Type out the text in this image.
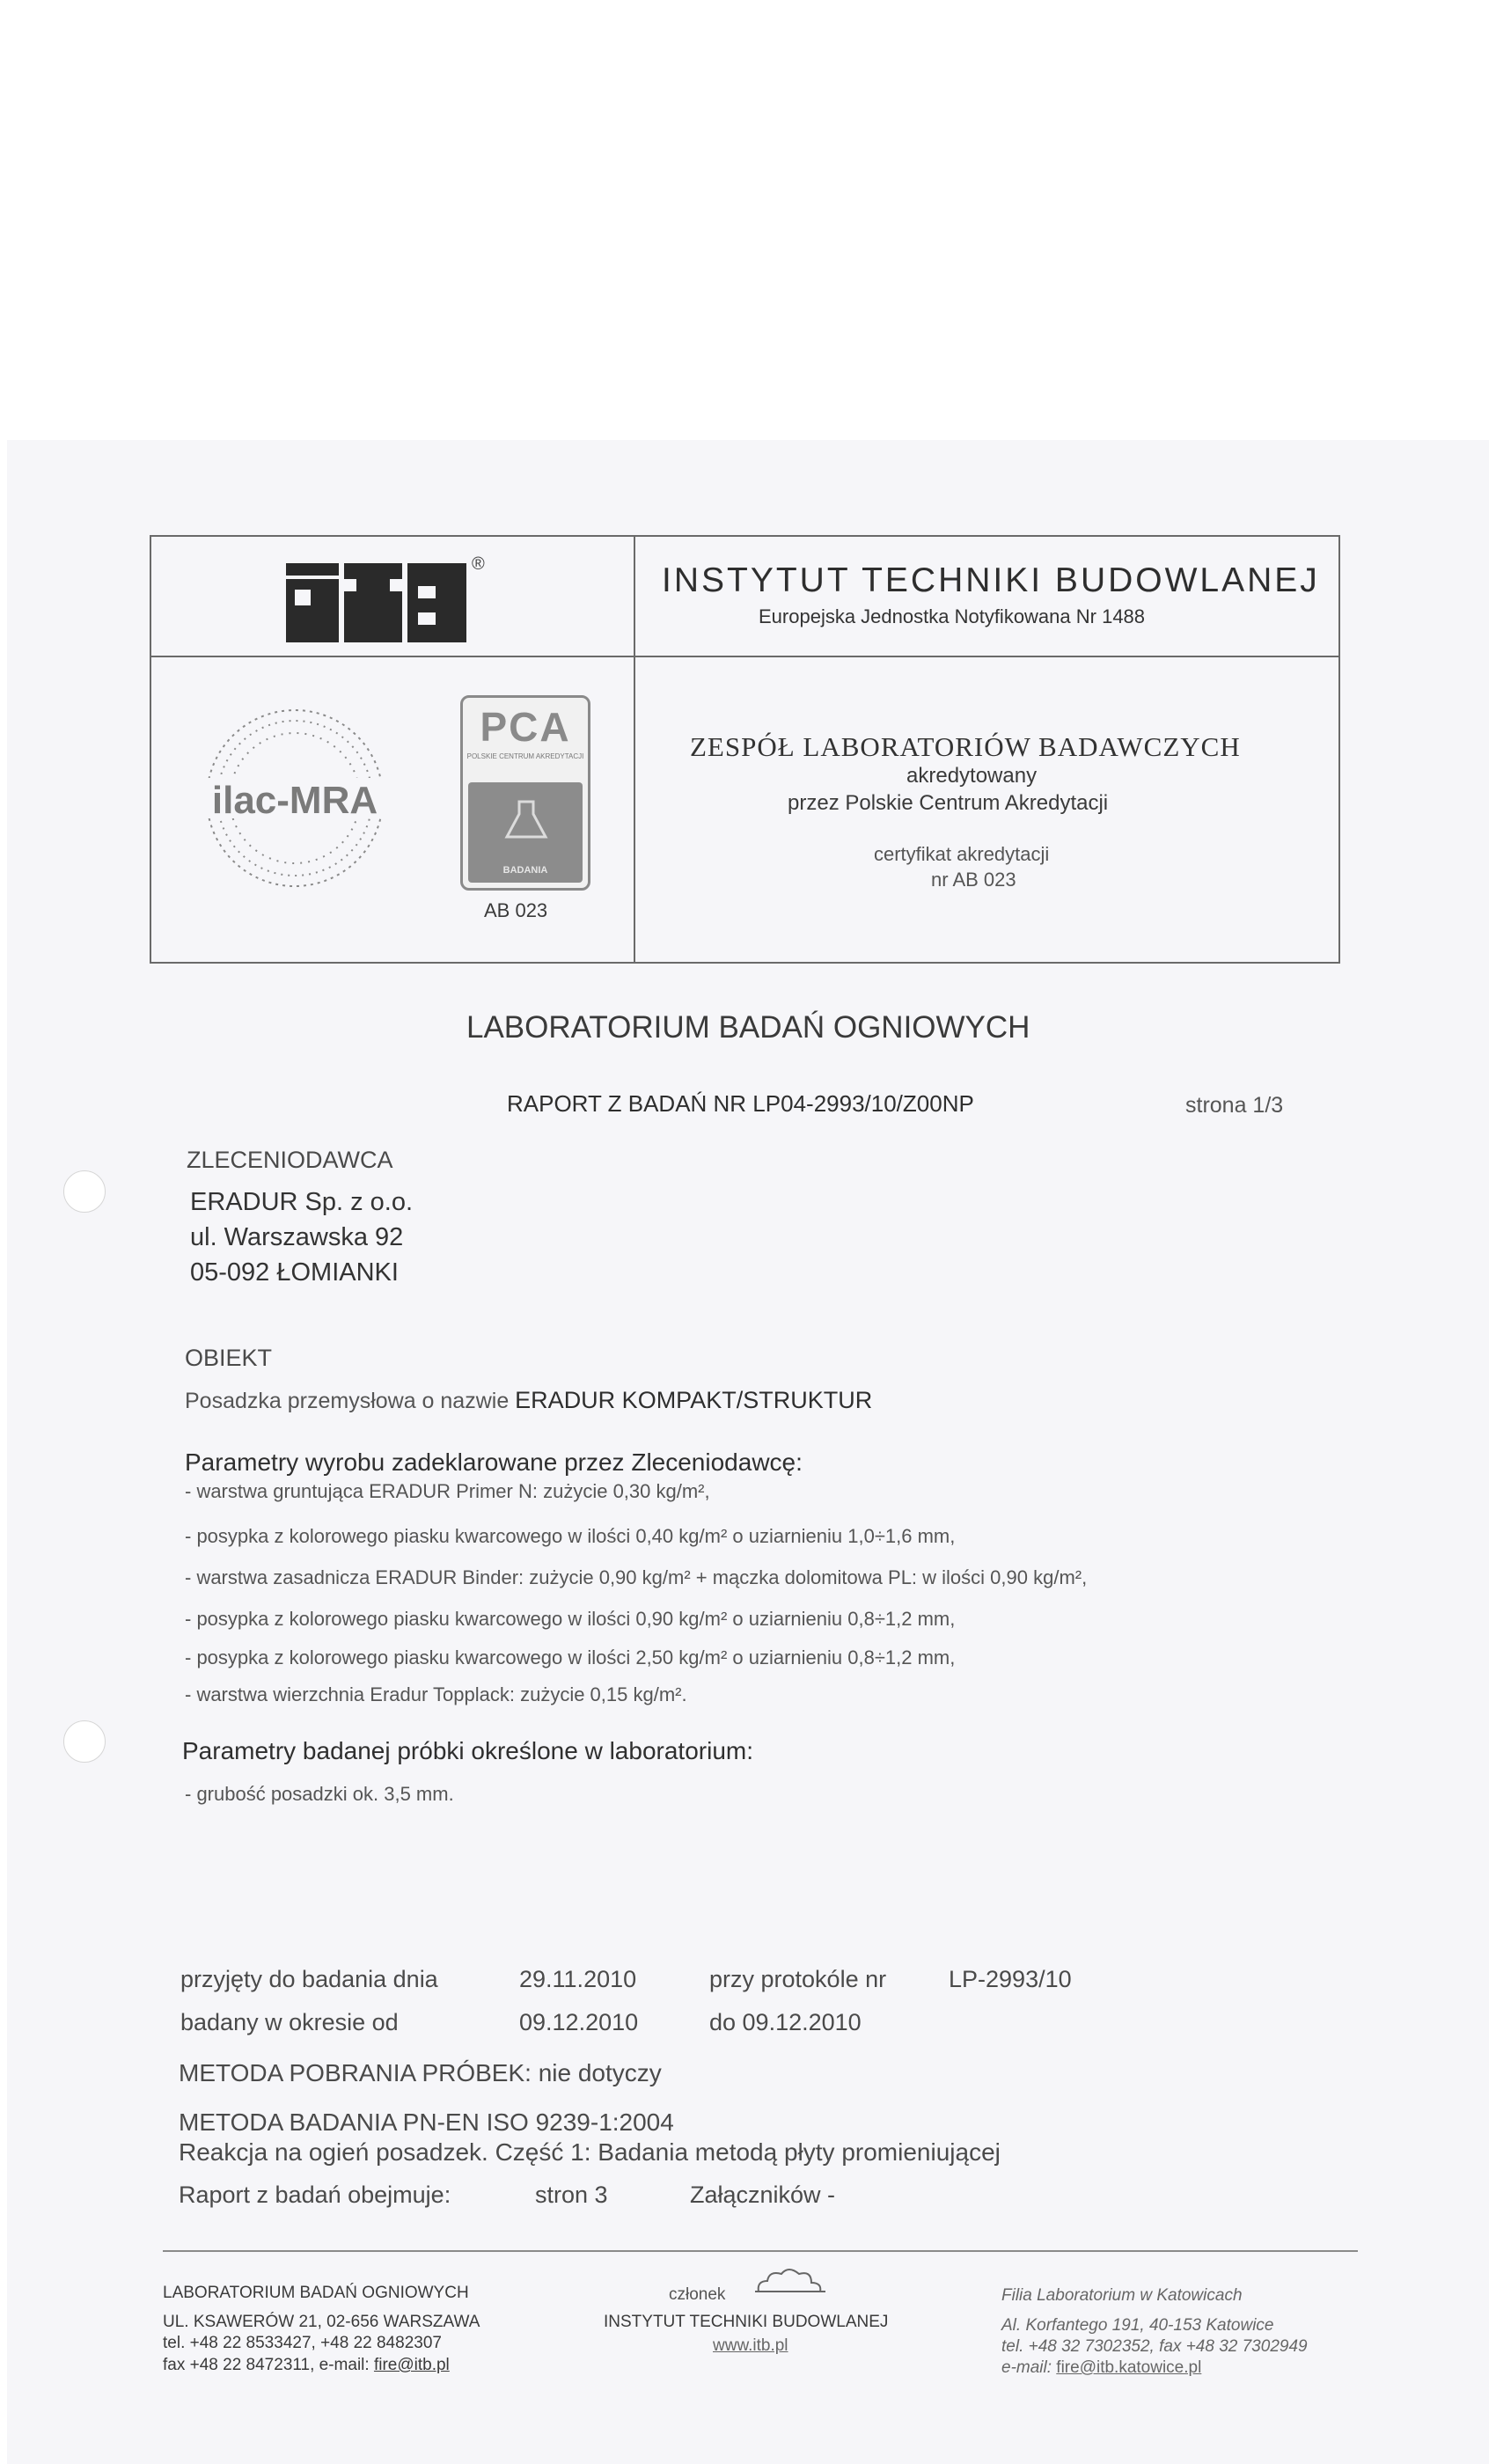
®	INSTYTUT TECHNIKI BUDOWLANEJ
Europejska Jednostka Notyfikowana Nr 1488
ilac-MRA
PCA
POLSKIE CENTRUM AKREDYTACJI
BADANIA
AB 023
ZESPÓŁ LABORATORIÓW BADAWCZYCH
akredytowany
przez Polskie Centrum Akredytacji
certyfikat akredytacji
nr AB 023
LABORATORIUM BADAŃ OGNIOWYCH
RAPORT Z BADAŃ NR LP04-2993/10/Z00NP	strona 1/3
ZLECENIODAWCA
ERADUR Sp. z o.o.
ul. Warszawska 92
05-092 ŁOMIANKI
OBIEKT
Posadzka przemysłowa o nazwie ERADUR KOMPAKT/STRUKTUR
Parametry wyrobu zadeklarowane przez Zleceniodawcę:
- warstwa gruntująca ERADUR Primer N: zużycie 0,30 kg/m²,
- posypka z kolorowego piasku kwarcowego w ilości 0,40 kg/m² o uziarnieniu 1,0÷1,6 mm,
- warstwa zasadnicza ERADUR Binder: zużycie 0,90 kg/m² + mączka dolomitowa PL: w ilości 0,90 kg/m²,
- posypka z kolorowego piasku kwarcowego w ilości 0,90 kg/m² o uziarnieniu 0,8÷1,2 mm,
- posypka z kolorowego piasku kwarcowego w ilości 2,50 kg/m² o uziarnieniu 0,8÷1,2 mm,
- warstwa wierzchnia Eradur Topplack: zużycie 0,15 kg/m².
Parametry badanej próbki określone w laboratorium:
- grubość posadzki ok. 3,5 mm.
przyjęty do badania dnia	29.11.2010	przy protokóle nr	LP-2993/10
badany w okresie od	09.12.2010	do 09.12.2010
METODA POBRANIA PRÓBEK: nie dotyczy
METODA BADANIA PN-EN ISO 9239-1:2004
Reakcja na ogień posadzek. Część 1: Badania metodą płyty promieniującej
Raport z badań obejmuje:	stron 3	Załączników -
LABORATORIUM BADAŃ OGNIOWYCH
UL. KSAWERÓW 21, 02-656 WARSZAWA
tel. +48 22 8533427, +48 22 8482307
fax +48 22 8472311, e-mail: fire@itb.pl
członek
INSTYTUT TECHNIKI BUDOWLANEJ
www.itb.pl
Filia Laboratorium w Katowicach
Al. Korfantego 191, 40-153 Katowice
tel. +48 32 7302352, fax +48 32 7302949
e-mail: fire@itb.katowice.pl
